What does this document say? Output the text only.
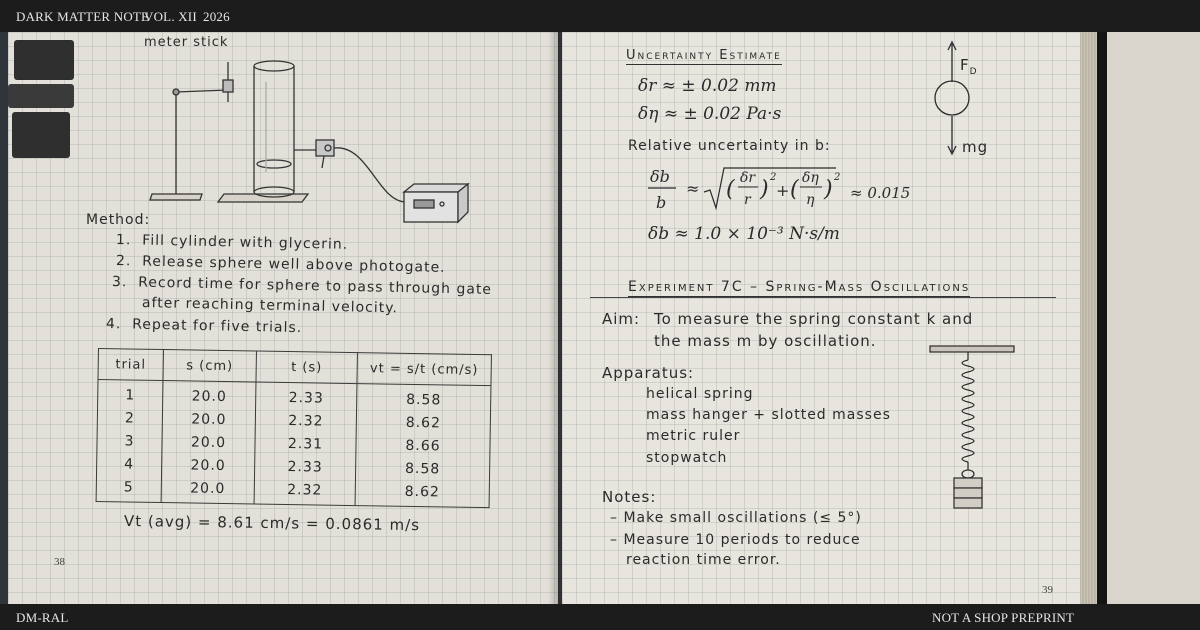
DARK MATTER NOTE
VOL. XII 2026
meter stick
Method:
1. Fill cylinder with glycerin.
2. Release sphere well above photogate.
3. Record time for sphere to pass through gate
after reaching terminal velocity.
4. Repeat for five trials.
trial	s (cm)	t (s)	vt = s/t (cm/s)
1	20.0	2.33	8.58
2	20.0	2.32	8.62
3	20.0	2.31	8.66
4	20.0	2.33	8.58
5	20.0	2.32	8.62
Vt (avg) = 8.61 cm/s = 0.0861 m/s
38
Uncertainty Estimate
δr ≈ ± 0.02 mm
δη ≈ ± 0.02 Pa·s
Relative uncertainty in b:
δb
b
≈ ( δr
r ) 2
+ ( δη
η ) 2
≈ 0.015
δb ≈ 1.0 × 10⁻³ N·s/m
$F_D$
mg
Experiment 7C – Spring-Mass Oscillations
Aim: To measure the spring constant k and
the mass m by oscillation.
Apparatus:
helical spring
mass hanger + slotted masses
metric ruler
stopwatch
Notes:
– Make small oscillations (≤ 5°)
– Measure 10 periods to reduce
reaction time error.
39
DM-RAL	NOT A SHOP PREPRINT
